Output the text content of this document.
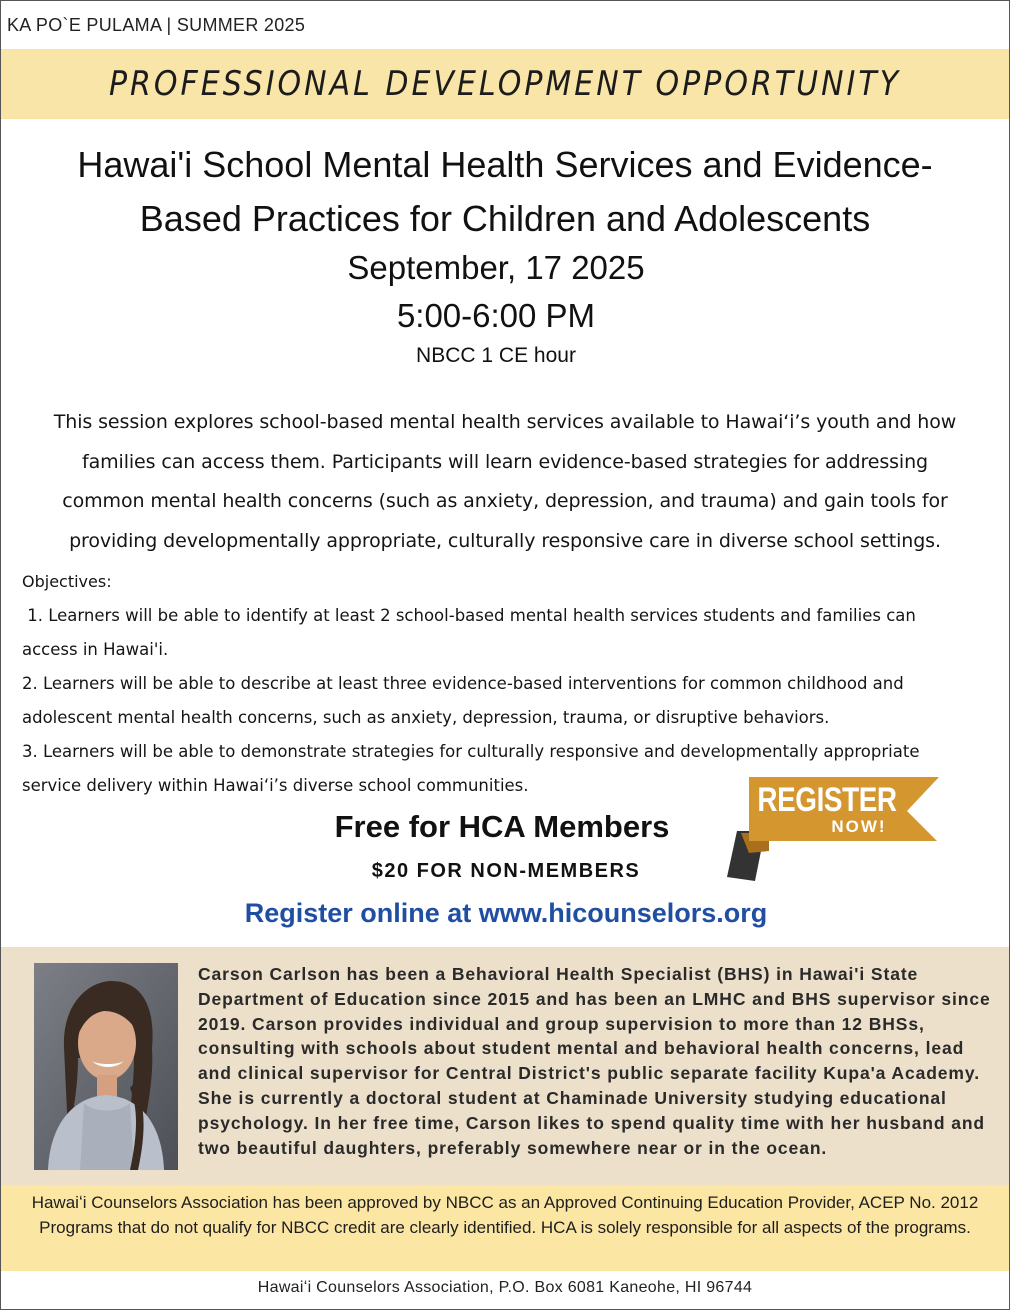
KA PO`E PULAMA | SUMMER 2025
PROFESSIONAL DEVELOPMENT OPPORTUNITY
Hawai'i School Mental Health Services and Evidence-
Based Practices for Children and Adolescents
September, 17 2025
5:00-6:00 PM
NBCC 1 CE hour
This session explores school-based mental health services available to Hawaiʻi’s youth and how
families can access them. Participants will learn evidence-based strategies for addressing
common mental health concerns (such as anxiety, depression, and trauma) and gain tools for
providing developmentally appropriate, culturally responsive care in diverse school settings.
Objectives:
1. Learners will be able to identify at least 2 school-based mental health services students and families can
access in Hawai'i.
2. Learners will be able to describe at least three evidence-based interventions for common childhood and
adolescent mental health concerns, such as anxiety, depression, trauma, or disruptive behaviors.
3. Learners will be able to demonstrate strategies for culturally responsive and developmentally appropriate
service delivery within Hawaiʻi’s diverse school communities.
Free for HCA Members
$20 FOR NON-MEMBERS
Register online at www.hicounselors.org
REGISTER
NOW!
Carson Carlson has been a Behavioral Health Specialist (BHS) in Hawai'i State Department of Education since 2015 and has been an LMHC and BHS supervisor since 2019. Carson provides individual and group supervision to more than 12 BHSs, consulting with schools about student mental and behavioral health concerns, lead and clinical supervisor for Central District's public separate facility Kupa'a Academy. She is currently a doctoral student at Chaminade University studying educational psychology. In her free time, Carson likes to spend quality time with her husband and two beautiful daughters, preferably somewhere near or in the ocean.
Hawaiʻi Counselors Association has been approved by NBCC as an Approved Continuing Education Provider, ACEP No. 2012 Programs that do not qualify for NBCC credit are clearly identified. HCA is solely responsible for all aspects of the programs.
Hawaiʻi Counselors Association, P.O. Box 6081 Kaneohe, HI 96744
